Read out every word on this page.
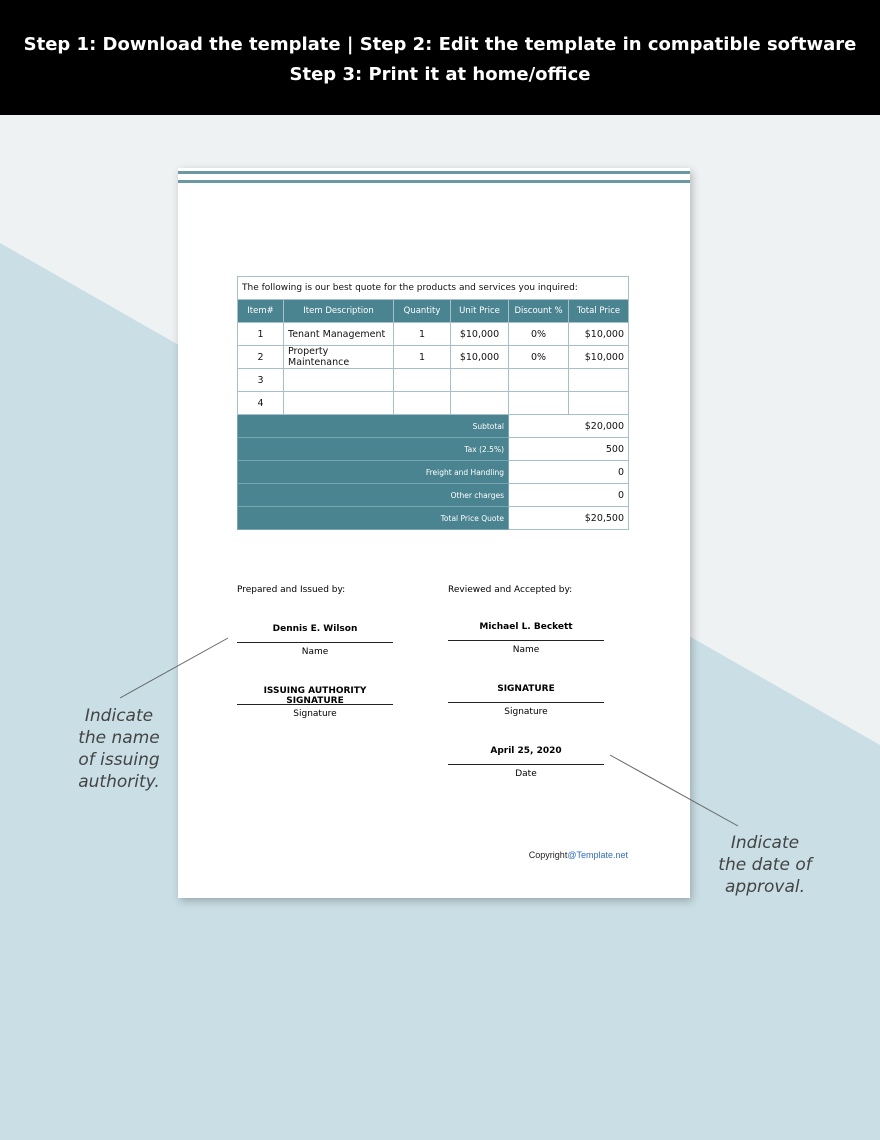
Step 1: Download the template | Step 2: Edit the template in compatible software
Step 3: Print it at home/office
The following is our best quote for the products and services you inquired:					
Item#	Item Description	Quantity	Unit Price	Discount %	Total Price
1	Tenant Management	1	$10,000	0%	$10,000
2	Property Maintenance	1	$10,000	0%	$10,000
3					
4					
Subtotal				$20,000	
Tax (2.5%)				500	
Freight and Handling				0	
Other charges				0	
Total Price Quote				$20,500	
Prepared and Issued by:
Dennis E. Wilson
Name
ISSUING AUTHORITY SIGNATURE
Signature
Reviewed and Accepted by:
Michael L. Beckett
Name
SIGNATURE
Signature
April 25, 2020
Date
Copyright@Template.net
Indicate
the name
of issuing
authority.
Indicate
the date of
approval.
